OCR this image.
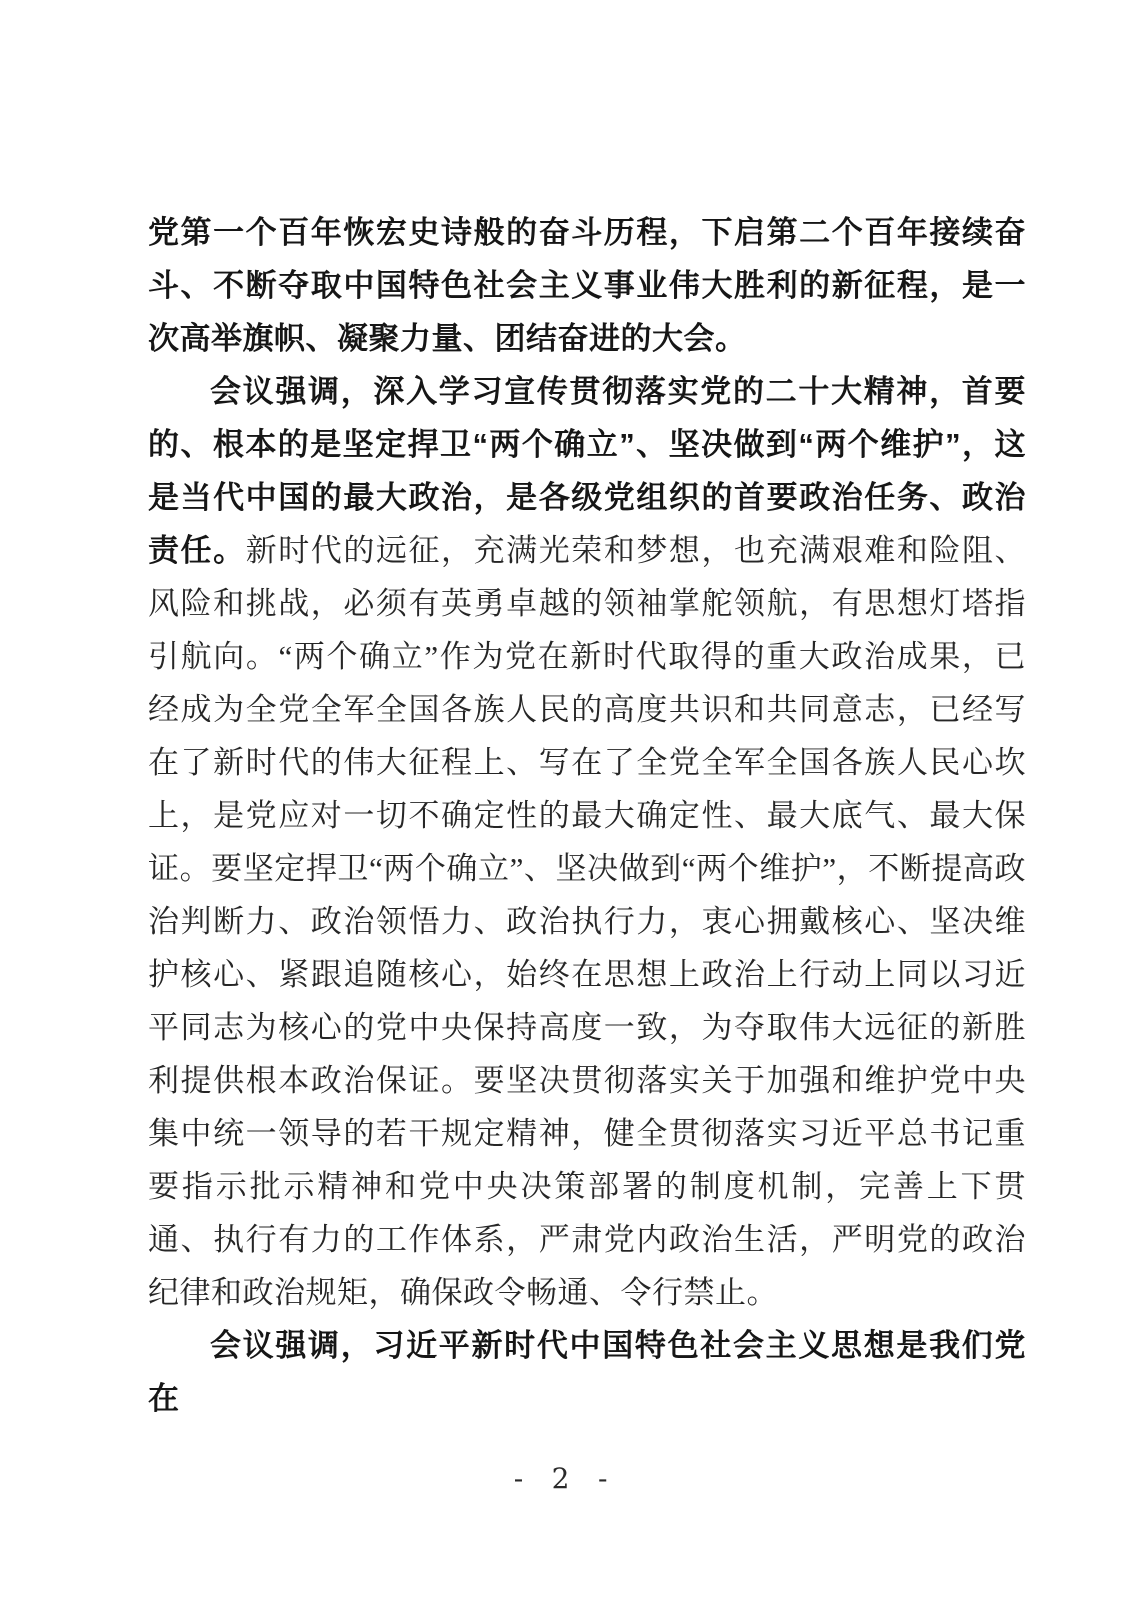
党第一个百年恢宏史诗般的奋斗历程，下启第二个百年接续奋斗、不断夺取中国特色社会主义事业伟大胜利的新征程，是一次高举旗帜、凝聚力量、团结奋进的大会。

会议强调，深入学习宣传贯彻落实党的二十大精神，首要的、根本的是坚定捍卫“两个确立”、坚决做到“两个维护”，这是当代中国的最大政治，是各级党组织的首要政治任务、政治责任。新时代的远征，充满光荣和梦想，也充满艰难和险阻、风险和挑战，必须有英勇卓越的领袖掌舵领航，有思想灯塔指引航向。“两个确立”作为党在新时代取得的重大政治成果，已经成为全党全军全国各族人民的高度共识和共同意志，已经写在了新时代的伟大征程上、写在了全党全军全国各族人民心坎上，是党应对一切不确定性的最大确定性、最大底气、最大保证。要坚定捍卫“两个确立”、坚决做到“两个维护”，不断提高政治判断力、政治领悟力、政治执行力，衷心拥戴核心、坚决维护核心、紧跟追随核心，始终在思想上政治上行动上同以习近平同志为核心的党中央保持高度一致，为夺取伟大远征的新胜利提供根本政治保证。要坚决贯彻落实关于加强和维护党中央集中统一领导的若干规定精神，健全贯彻落实习近平总书记重要指示批示精神和党中央决策部署的制度机制，完善上下贯通、执行有力的工作体系，严肃党内政治生活，严明党的政治纪律和政治规矩，确保政令畅通、令行禁止。

会议强调，习近平新时代中国特色社会主义思想是我们党在

- 2 -
